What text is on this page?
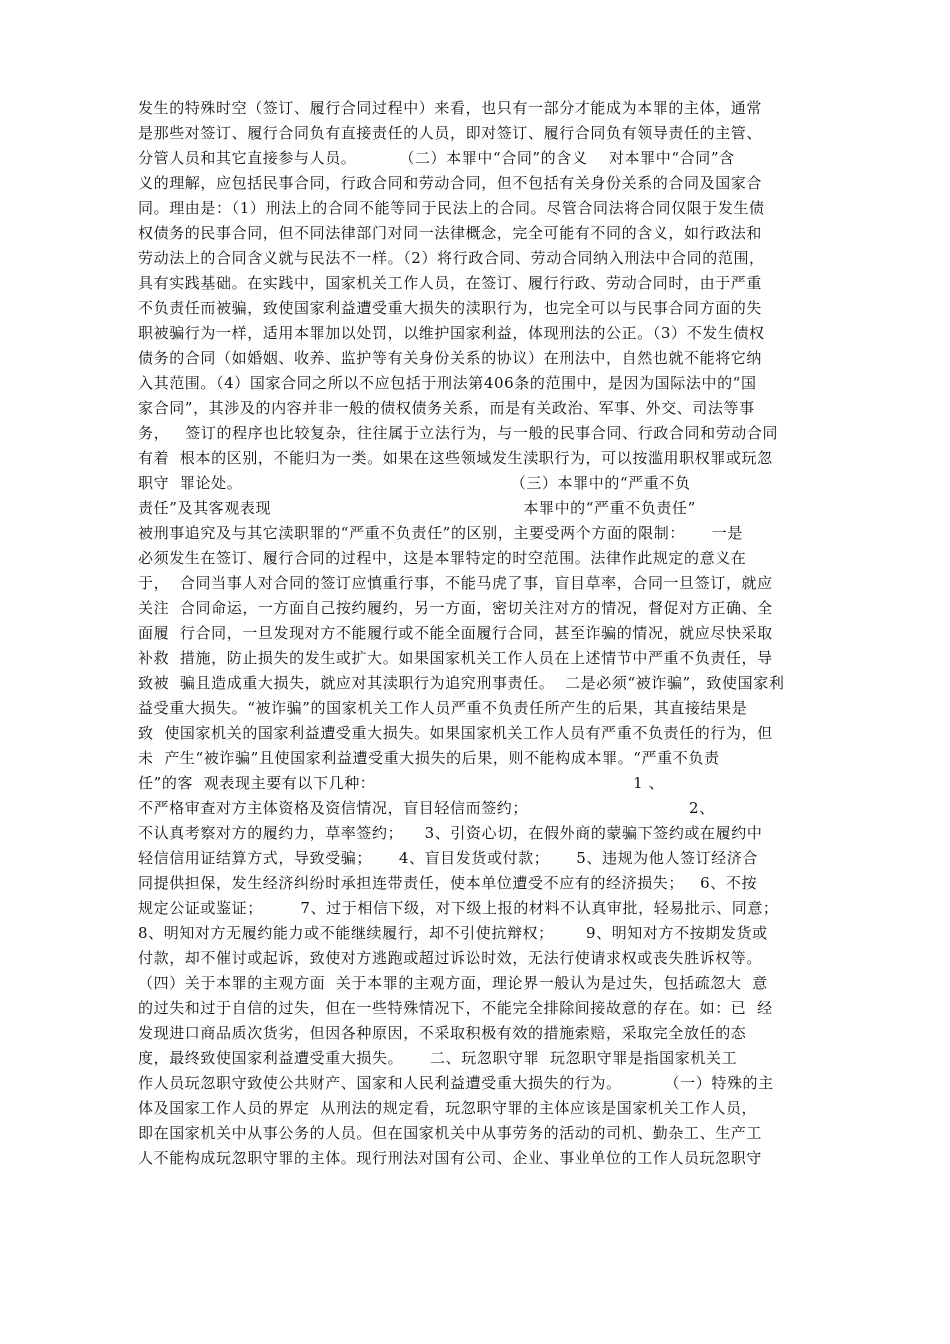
发生的特殊时空（签订、履行合同过程中）来看，也只有一部分才能成为本罪的主体，通常
是那些对签订、履行合同负有直接责任的人员，即对签订、履行合同负有领导责任的主管、
分管人员和其它直接参与人员。        （二）本罪中“合同”的含义    对本罪中“合同”含
义的理解，应包括民事合同，行政合同和劳动合同，但不包括有关身份关系的合同及国家合
同。理由是：（1）刑法上的合同不能等同于民法上的合同。尽管合同法将合同仅限于发生债
权债务的民事合同，但不同法律部门对同一法律概念，完全可能有不同的含义，如行政法和
劳动法上的合同含义就与民法不一样。（2）将行政合同、劳动合同纳入刑法中合同的范围，
具有实践基础。在实践中，国家机关工作人员，在签订、履行行政、劳动合同时，由于严重
不负责任而被骗，致使国家利益遭受重大损失的渎职行为，也完全可以与民事合同方面的失
职被骗行为一样，适用本罪加以处罚，以维护国家利益，体现刑法的公正。（3）不发生债权
债务的合同（如婚姻、收养、监护等有关身份关系的协议）在刑法中，自然也就不能将它纳
入其范围。（4）国家合同之所以不应包括于刑法第406条的范围中，是因为国际法中的“国
家合同”，其涉及的内容并非一般的债权债务关系，而是有关政治、军事、外交、司法等事
务，   签订的程序也比较复杂，往往属于立法行为，与一般的民事合同、行政合同和劳动合同
有着  根本的区别，不能归为一类。如果在这些领域发生渎职行为，可以按滥用职权罪或玩忽
职守  罪论处。                                                  （三）本罪中的“严重不负
责任”及其客观表现                                               本罪中的“严重不负责任”
被刑事追究及与其它渎职罪的“严重不负责任”的区别，主要受两个方面的限制：     一是
必须发生在签订、履行合同的过程中，这是本罪特定的时空范围。法律作此规定的意义在
于，  合同当事人对合同的签订应慎重行事，不能马虎了事，盲目草率，合同一旦签订，就应
关注  合同命运，一方面自己按约履约，另一方面，密切关注对方的情况，督促对方正确、全
面履  行合同，一旦发现对方不能履行或不能全面履行合同，甚至诈骗的情况，就应尽快采取
补救  措施，防止损失的发生或扩大。如果国家机关工作人员在上述情节中严重不负责任，导
致被  骗且造成重大损失，就应对其渎职行为追究刑事责任。  二是必须“被诈骗”，致使国家利
益受重大损失。“被诈骗”的国家机关工作人员严重不负责任所产生的后果，其直接结果是
致  使国家机关的国家利益遭受重大损失。如果国家机关工作人员有严重不负责任的行为，但
未  产生“被诈骗”且使国家利益遭受重大损失的后果，则不能构成本罪。“严重不负责
任”的客  观表现主要有以下几种：                                                1 、
不严格审查对方主体资格及资信情况，盲目轻信而签约；                              2、
不认真考察对方的履约力，草率签约；    3、引资心切，在假外商的蒙骗下签约或在履约中
轻信信用证结算方式，导致受骗；     4、盲目发货或付款；     5、违规为他人签订经济合
同提供担保，发生经济纠纷时承担连带责任，使本单位遭受不应有的经济损失；   6、不按
规定公证或鉴证；       7、过于相信下级，对下级上报的材料不认真审批，轻易批示、同意；
8、明知对方无履约能力或不能继续履行，却不引使抗辩权；      9、明知对方不按期发货或
付款，却不催讨或起诉，致使对方逃跑或超过诉讼时效，无法行使请求权或丧失胜诉权等。
（四）关于本罪的主观方面  关于本罪的主观方面，理论界一般认为是过失，包括疏忽大  意
的过失和过于自信的过失，但在一些特殊情况下，不能完全排除间接故意的存在。如：已  经
发现进口商品质次货劣，但因各种原因，不采取积极有效的措施索赔，采取完全放任的态
度，最终致使国家利益遭受重大损失。     二、玩忽职守罪  玩忽职守罪是指国家机关工
作人员玩忽职守致使公共财产、国家和人民利益遭受重大损失的行为。        （一）特殊的主
体及国家工作人员的界定  从刑法的规定看，玩忽职守罪的主体应该是国家机关工作人员，
即在国家机关中从事公务的人员。但在国家机关中从事劳务的活动的司机、勤杂工、生产工
人不能构成玩忽职守罪的主体。现行刑法对国有公司、企业、事业单位的工作人员玩忽职守
